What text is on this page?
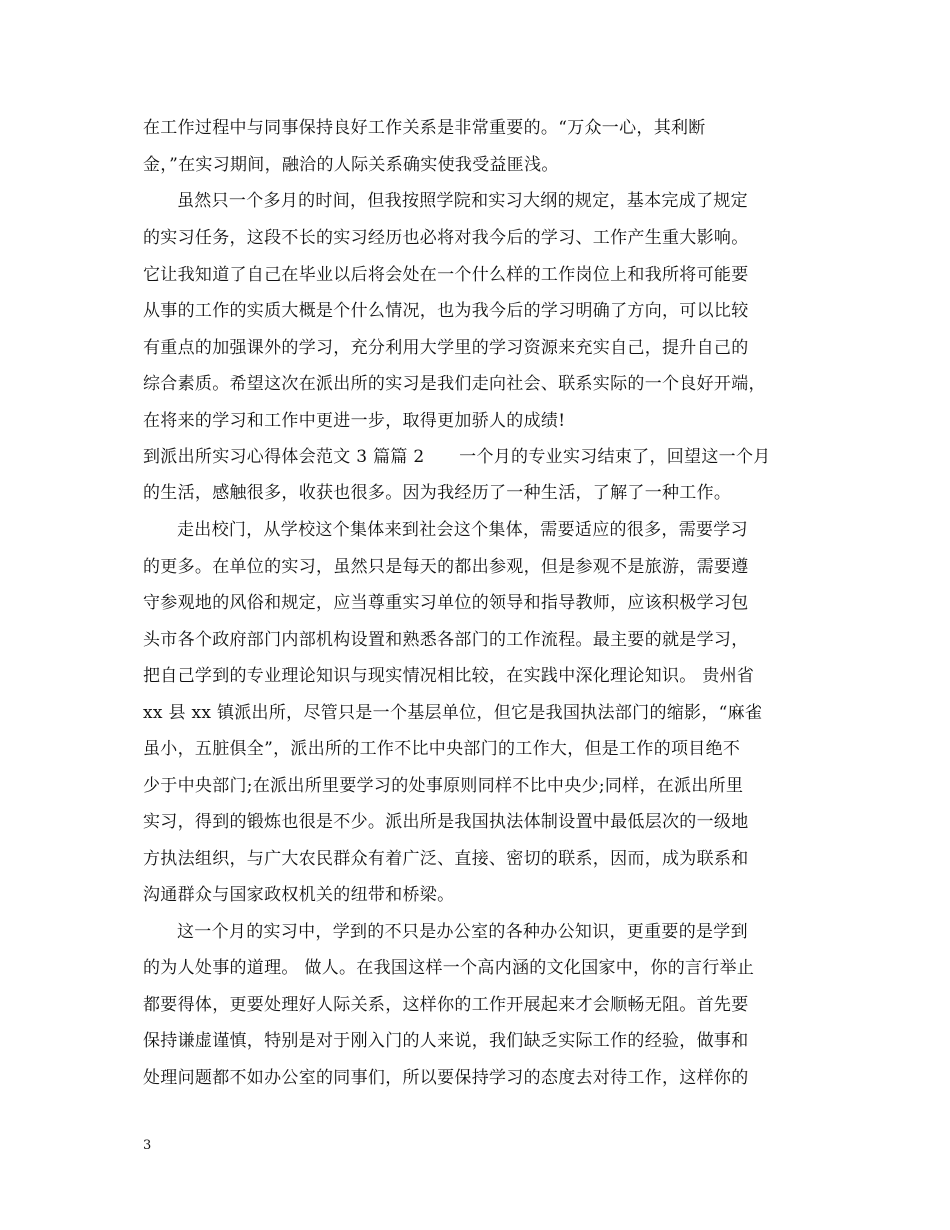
在工作过程中与同事保持良好工作关系是非常重要的。“万众一心，其利断
金，”在实习期间，融洽的人际关系确实使我受益匪浅。
虽然只一个多月的时间，但我按照学院和实习大纲的规定，基本完成了规定
的实习任务，这段不长的实习经历也必将对我今后的学习、工作产生重大影响。
它让我知道了自己在毕业以后将会处在一个什么样的工作岗位上和我所将可能要
从事的工作的实质大概是个什么情况，也为我今后的学习明确了方向，可以比较
有重点的加强课外的学习，充分利用大学里的学习资源来充实自己，提升自己的
综合素质。希望这次在派出所的实习是我们走向社会、联系实际的一个良好开端，
在将来的学习和工作中更进一步，取得更加骄人的成绩!
到派出所实习心得体会范文 3 篇篇 2　　一个月的专业实习结束了，回望这一个月
的生活，感触很多，收获也很多。因为我经历了一种生活，了解了一种工作。
走出校门，从学校这个集体来到社会这个集体，需要适应的很多，需要学习
的更多。在单位的实习，虽然只是每天的都出参观，但是参观不是旅游，需要遵
守参观地的风俗和规定，应当尊重实习单位的领导和指导教师，应该积极学习包
头市各个政府部门内部机构设置和熟悉各部门的工作流程。最主要的就是学习，
把自己学到的专业理论知识与现实情况相比较，在实践中深化理论知识。 贵州省
xx 县 xx 镇派出所，尽管只是一个基层单位，但它是我国执法部门的缩影，“麻雀
虽小，五脏俱全”，派出所的工作不比中央部门的工作大，但是工作的项目绝不
少于中央部门;在派出所里要学习的处事原则同样不比中央少;同样，在派出所里
实习，得到的锻炼也很是不少。派出所是我国执法体制设置中最低层次的一级地
方执法组织，与广大农民群众有着广泛、直接、密切的联系，因而，成为联系和
沟通群众与国家政权机关的纽带和桥梁。
这一个月的实习中，学到的不只是办公室的各种办公知识，更重要的是学到
的为人处事的道理。 做人。在我国这样一个高内涵的文化国家中，你的言行举止
都要得体，更要处理好人际关系，这样你的工作开展起来才会顺畅无阻。首先要
保持谦虚谨慎，特别是对于刚入门的人来说，我们缺乏实际工作的经验，做事和
处理问题都不如办公室的同事们，所以要保持学习的态度去对待工作，这样你的
3
